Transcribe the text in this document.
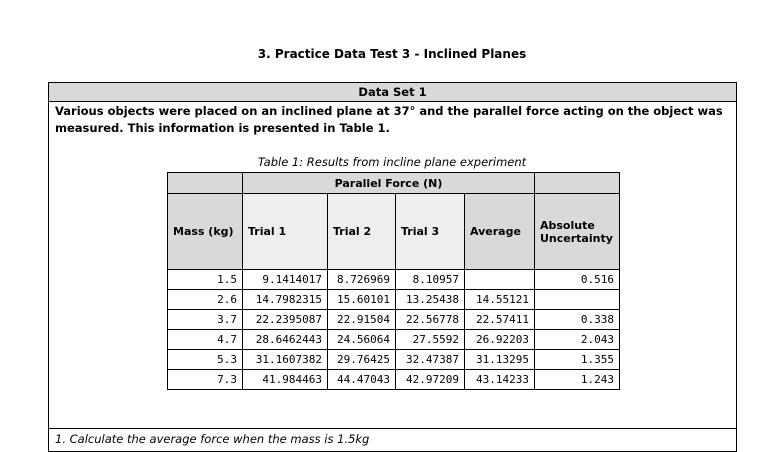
3. Practice Data Test 3 - Inclined Planes
Data Set 1
Various objects were placed on an inclined plane at 37° and the parallel force acting on the object was
measured. This information is presented in Table 1.
Table 1: Results from incline plane experiment
	Parallel Force (N)				
Mass (kg)	Trial 1	Trial 2	Trial 3	Average	Absolute Uncertainty
1.5	9.1414017	8.726969	8.10957		0.516
2.6	14.7982315	15.60101	13.25438	14.55121	
3.7	22.2395087	22.91504	22.56778	22.57411	0.338
4.7	28.6462443	24.56064	27.5592	26.92203	2.043
5.3	31.1607382	29.76425	32.47387	31.13295	1.355
7.3	41.984463	44.47043	42.97209	43.14233	1.243
1. Calculate the average force when the mass is 1.5kg
